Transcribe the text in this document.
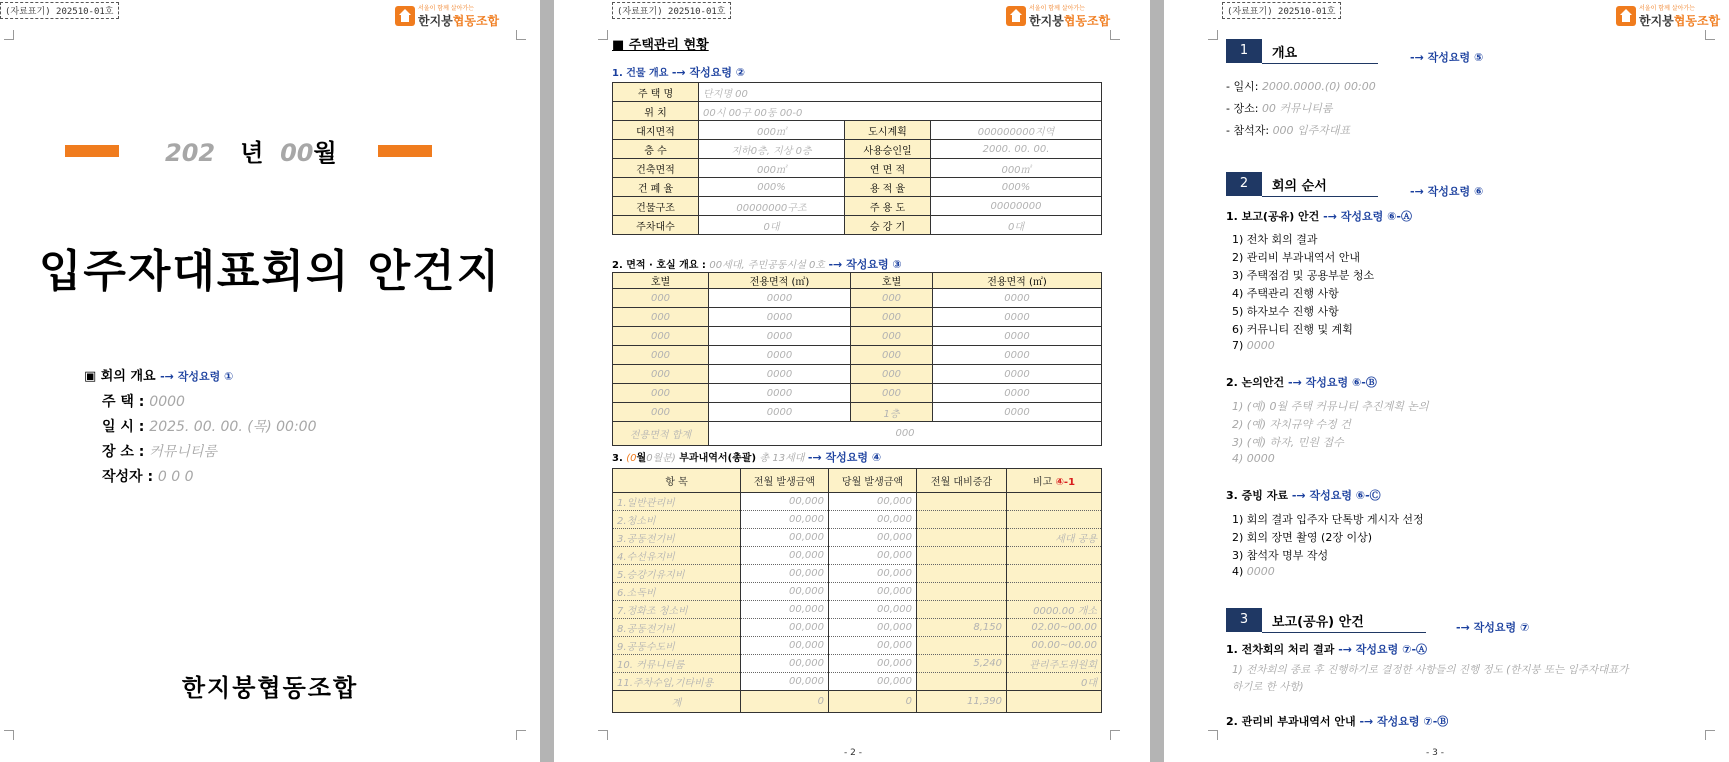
(자료표기) 202510-01호	서울이 함께 살아가는
한지붕협동조합
202 년 00월
입주자대표회의 안건지
▣ 회의 개요 -→ 작성요령 ①
주 택 : 0000
일 시 : 2025. 00. 00. (목) 00:00
장 소 : 커뮤니티룸
작성자 : 0 0 0
한지붕협동조합
(자료표기) 202510-01호	서울이 함께 살아가는
한지붕협동조합
■ 주택관리 현황
1. 건물 개요 -→ 작성요령 ②
주 택 명	단지명 00		
위 치	00시 00구 00동 00-0		
대지면적	000㎡	도시계획	000000000지역
층 수	지하0층, 지상 0층	사용승인일	2000. 00. 00.
건축면적	000㎡	연 면 적	000㎡
건 폐 율	000%	용 적 율	000%
건물구조	00000000구조	주 용 도	00000000
주차대수	0대	승 강 기	0대
2. 면적 · 호실 개요 : 00세대, 주민공동시설 0호 -→ 작성요령 ③
호별	전용면적 (㎡)	호별	전용면적 (㎡)
000	0000	000	0000
000	0000	000	0000
000	0000	000	0000
000	0000	000	0000
000	0000	000	0000
000	0000	000	0000
000	0000	1층	0000
전용면적 합계	000		
3. (0월0월분) 부과내역서(총괄) 총 13세대 -→ 작성요령 ④
항 목	전월 발생금액	당월 발생금액	전월 대비증감	비고 ④-1
1.일반관리비	00,000	00,000		
2.청소비	00,000	00,000		
3.공동전기비	00,000	00,000		세대 공용
4.수선유지비	00,000	00,000		
5.승강기유지비	00,000	00,000		
6.소독비	00,000	00,000		
7.정화조 청소비	00,000	00,000		0000.00 개소
8.공동전기비	00,000	00,000	8,150	02.00~00.00
9.공동수도비	00,000	00,000		00.00~00.00
10. 커뮤니티룸	00,000	00,000	5,240	관리주도위원회
11.주차수입,기타비용	00,000	00,000		0대
계	0	0	11,390	
- 2 -
(자료표기) 202510-01호	서울이 함께 살아가는
한지붕협동조합
1	개요	-→ 작성요령 ⑤
- 일시: 2000.0000.(0) 00:00
- 장소: 00 커뮤니티룸
- 참석자: 000 입주자대표
2	회의 순서	-→ 작성요령 ⑥
1. 보고(공유) 안건 -→ 작성요령 ⑥-Ⓐ
1) 전차 회의 결과
2) 관리비 부과내역서 안내
3) 주택점검 및 공용부분 청소
4) 주택관리 진행 사항
5) 하자보수 진행 사항
6) 커뮤니티 진행 및 계획
7) 0000
2. 논의안건 -→ 작성요령 ⑥-Ⓑ
1) (예) 0월 주택 커뮤니티 추진계획 논의
2) (예) 자치규약 수정 건
3) (예) 하자, 민원 접수
4) 0000
3. 증빙 자료 -→ 작성요령 ⑥-Ⓒ
1) 회의 결과 입주자 단톡방 게시자 선정
2) 회의 장면 촬영 (2장 이상)
3) 참석자 명부 작성
4) 0000
3	보고(공유) 안건	-→ 작성요령 ⑦
1. 전차회의 처리 결과 -→ 작성요령 ⑦-Ⓐ
1) 전차회의 종료 후 진행하기로 결정한 사항들의 진행 정도 (한지붕 또는 입주자대표가
하기로 한 사항)
2. 관리비 부과내역서 안내 -→ 작성요령 ⑦-Ⓑ
- 3 -
